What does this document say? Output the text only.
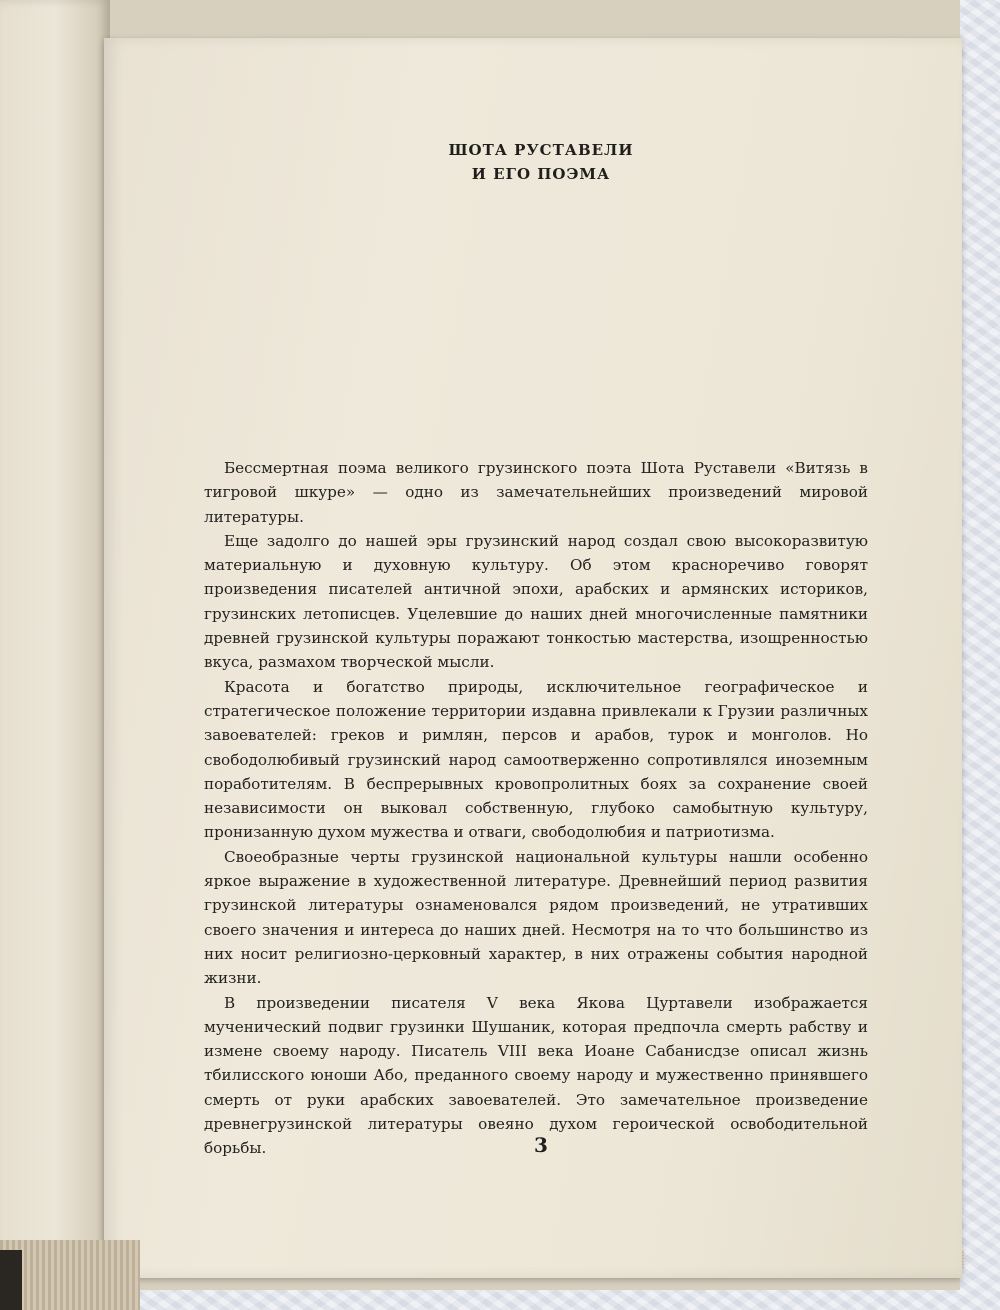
ШОТА РУСТАВЕЛИ
И ЕГО ПОЭМА

Бессмертная поэма великого грузинского поэта Шота Руставели «Витязь в тигровой шкуре» — одно из замечательнейших произведений мировой литературы.

Еще задолго до нашей эры грузинский народ создал свою высокоразвитую материальную и духовную культуру. Об этом красноречиво говорят произведения писателей античной эпохи, арабских и армянских историков, грузинских летописцев. Уцелевшие до наших дней многочисленные памятники древней грузинской культуры поражают тонкостью мастерства, изощренностью вкуса, размахом творческой мысли.

Красота и богатство природы, исключительное географическое и стратегическое положение территории издавна привлекали к Грузии различных завоевателей: греков и римлян, персов и арабов, турок и монголов. Но свободолюбивый грузинский народ самоотверженно сопротивлялся иноземным поработителям. В беспрерывных кровопролитных боях за сохранение своей независимости он выковал собственную, глубоко самобытную культуру, пронизанную духом мужества и отваги, свободолюбия и патриотизма.

Своеобразные черты грузинской национальной культуры нашли особенно яркое выражение в художественной литературе. Древнейший период развития грузинской литературы ознаменовался рядом произведений, не утративших своего значения и интереса до наших дней. Несмотря на то что большинство из них носит религиозно-церковный характер, в них отражены события народной жизни.

В произведении писателя V века Якова Цуртавели изображается мученический подвиг грузинки Шушаник, которая предпочла смерть рабству и измене своему народу. Писатель VIII века Иоане Сабанисдзе описал жизнь тбилисского юноши Або, преданного своему народу и мужественно принявшего смерть от руки арабских завоевателей. Это замечательное произведение древнегрузинской литературы овеяно духом героической освободительной борьбы.	3
